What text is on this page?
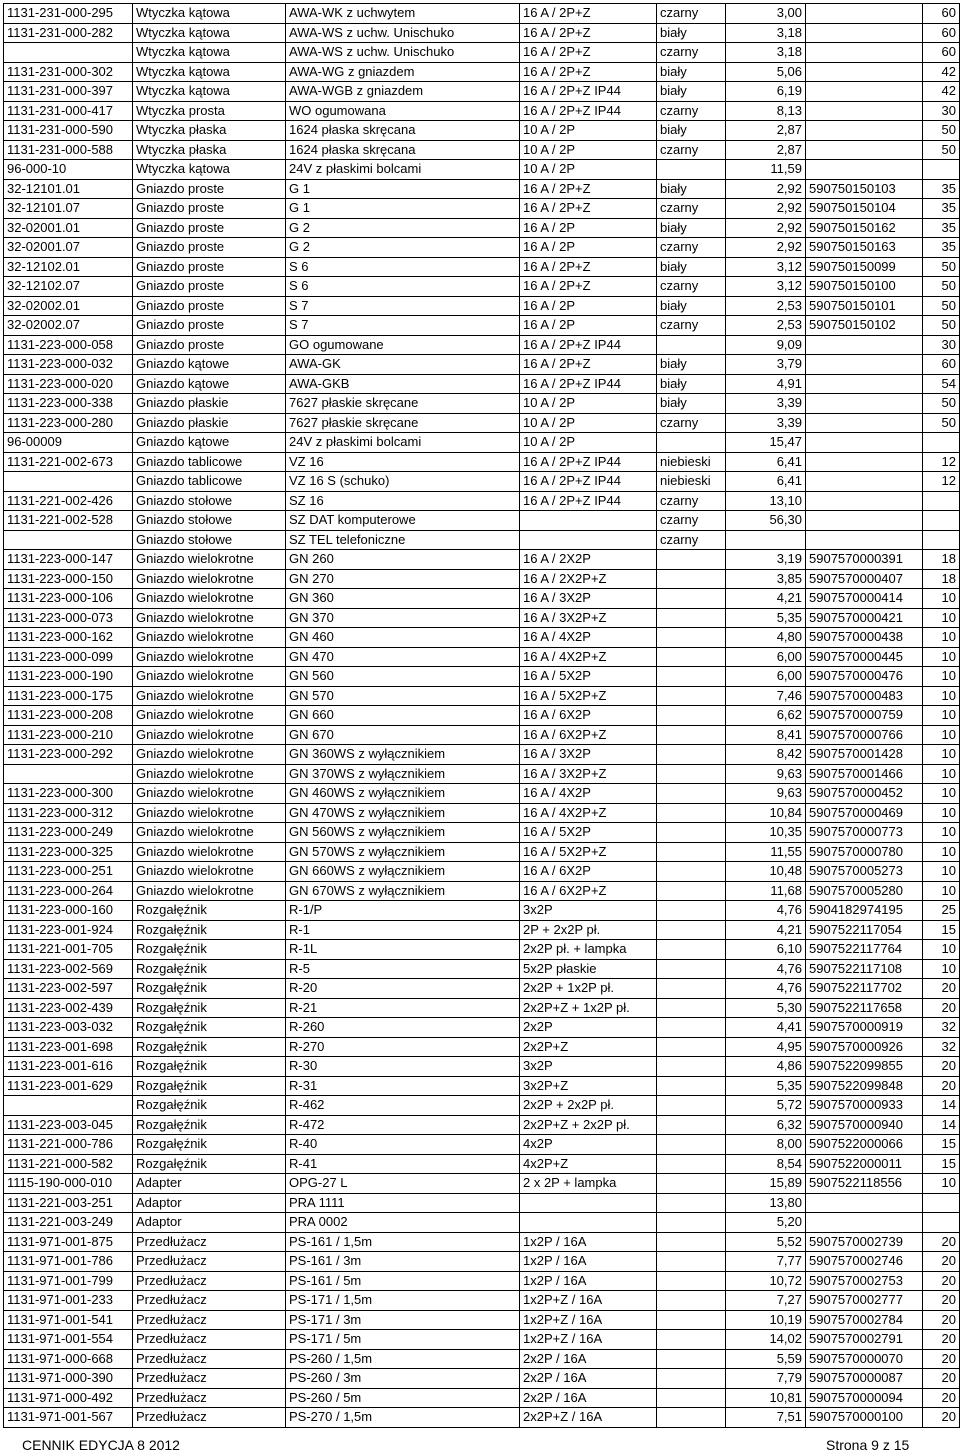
1131-231-000-295	Wtyczka kątowa	AWA-WK z uchwytem	16 A / 2P+Z	czarny	3,00		60
1131-231-000-282	Wtyczka kątowa	AWA-WS z uchw. Unischuko	16 A / 2P+Z	biały	3,18		60
	Wtyczka kątowa	AWA-WS z uchw. Unischuko	16 A / 2P+Z	czarny	3,18		60
1131-231-000-302	Wtyczka kątowa	AWA-WG z gniazdem	16 A / 2P+Z	biały	5,06		42
1131-231-000-397	Wtyczka kątowa	AWA-WGB z gniazdem	16 A / 2P+Z IP44	biały	6,19		42
1131-231-000-417	Wtyczka prosta	WO ogumowana	16 A / 2P+Z IP44	czarny	8,13		30
1131-231-000-590	Wtyczka płaska	1624 płaska skręcana	10 A / 2P	biały	2,87		50
1131-231-000-588	Wtyczka płaska	1624 płaska skręcana	10 A / 2P	czarny	2,87		50
96-000-10	Wtyczka kątowa	24V z płaskimi bolcami	10 A / 2P		11,59		
32-12101.01	Gniazdo proste	G 1	16 A / 2P+Z	biały	2,92	590750150103	35
32-12101.07	Gniazdo proste	G 1	16 A / 2P+Z	czarny	2,92	590750150104	35
32-02001.01	Gniazdo proste	G 2	16 A / 2P	biały	2,92	590750150162	35
32-02001.07	Gniazdo proste	G 2	16 A / 2P	czarny	2,92	590750150163	35
32-12102.01	Gniazdo proste	S 6	16 A / 2P+Z	biały	3,12	590750150099	50
32-12102.07	Gniazdo proste	S 6	16 A / 2P+Z	czarny	3,12	590750150100	50
32-02002.01	Gniazdo proste	S 7	16 A / 2P	biały	2,53	590750150101	50
32-02002.07	Gniazdo proste	S 7	16 A / 2P	czarny	2,53	590750150102	50
1131-223-000-058	Gniazdo proste	GO ogumowane	16 A / 2P+Z IP44		9,09		30
1131-223-000-032	Gniazdo kątowe	AWA-GK	16 A / 2P+Z	biały	3,79		60
1131-223-000-020	Gniazdo kątowe	AWA-GKB	16 A / 2P+Z IP44	biały	4,91		54
1131-223-000-338	Gniazdo płaskie	7627 płaskie skręcane	10 A / 2P	biały	3,39		50
1131-223-000-280	Gniazdo płaskie	7627 płaskie skręcane	10 A / 2P	czarny	3,39		50
96-00009	Gniazdo kątowe	24V z płaskimi bolcami	10 A / 2P		15,47		
1131-221-002-673	Gniazdo tablicowe	VZ 16	16 A / 2P+Z IP44	niebieski	6,41		12
	Gniazdo tablicowe	VZ 16 S (schuko)	16 A / 2P+Z IP44	niebieski	6,41		12
1131-221-002-426	Gniazdo stołowe	SZ 16	16 A / 2P+Z IP44	czarny	13,10		
1131-221-002-528	Gniazdo stołowe	SZ DAT komputerowe		czarny	56,30		
	Gniazdo stołowe	SZ TEL telefoniczne		czarny			
1131-223-000-147	Gniazdo wielokrotne	GN 260	16 A / 2X2P		3,19	5907570000391	18
1131-223-000-150	Gniazdo wielokrotne	GN 270	16 A / 2X2P+Z		3,85	5907570000407	18
1131-223-000-106	Gniazdo wielokrotne	GN 360	16 A / 3X2P		4,21	5907570000414	10
1131-223-000-073	Gniazdo wielokrotne	GN 370	16 A / 3X2P+Z		5,35	5907570000421	10
1131-223-000-162	Gniazdo wielokrotne	GN 460	16 A / 4X2P		4,80	5907570000438	10
1131-223-000-099	Gniazdo wielokrotne	GN 470	16 A / 4X2P+Z		6,00	5907570000445	10
1131-223-000-190	Gniazdo wielokrotne	GN 560	16 A / 5X2P		6,00	5907570000476	10
1131-223-000-175	Gniazdo wielokrotne	GN 570	16 A / 5X2P+Z		7,46	5907570000483	10
1131-223-000-208	Gniazdo wielokrotne	GN 660	16 A / 6X2P		6,62	5907570000759	10
1131-223-000-210	Gniazdo wielokrotne	GN 670	16 A / 6X2P+Z		8,41	5907570000766	10
1131-223-000-292	Gniazdo wielokrotne	GN 360WS z wyłącznikiem	16 A / 3X2P		8,42	5907570001428	10
	Gniazdo wielokrotne	GN 370WS z wyłącznikiem	16 A / 3X2P+Z		9,63	5907570001466	10
1131-223-000-300	Gniazdo wielokrotne	GN 460WS z wyłącznikiem	16 A / 4X2P		9,63	5907570000452	10
1131-223-000-312	Gniazdo wielokrotne	GN 470WS z wyłącznikiem	16 A / 4X2P+Z		10,84	5907570000469	10
1131-223-000-249	Gniazdo wielokrotne	GN 560WS z wyłącznikiem	16 A / 5X2P		10,35	5907570000773	10
1131-223-000-325	Gniazdo wielokrotne	GN 570WS z wyłącznikiem	16 A / 5X2P+Z		11,55	5907570000780	10
1131-223-000-251	Gniazdo wielokrotne	GN 660WS z wyłącznikiem	16 A / 6X2P		10,48	5907570005273	10
1131-223-000-264	Gniazdo wielokrotne	GN 670WS z wyłącznikiem	16 A / 6X2P+Z		11,68	5907570005280	10
1131-223-000-160	Rozgałęźnik	R-1/P	3x2P		4,76	5904182974195	25
1131-223-001-924	Rozgałęźnik	R-1	2P + 2x2P pł.		4,21	5907522117054	15
1131-221-001-705	Rozgałęźnik	R-1L	2x2P pł. + lampka		6,10	5907522117764	10
1131-223-002-569	Rozgałęźnik	R-5	5x2P płaskie		4,76	5907522117108	10
1131-223-002-597	Rozgałęźnik	R-20	2x2P + 1x2P pł.		4,76	5907522117702	20
1131-223-002-439	Rozgałęźnik	R-21	2x2P+Z + 1x2P pł.		5,30	5907522117658	20
1131-223-003-032	Rozgałęźnik	R-260	2x2P		4,41	5907570000919	32
1131-223-001-698	Rozgałęźnik	R-270	2x2P+Z		4,95	5907570000926	32
1131-223-001-616	Rozgałęźnik	R-30	3x2P		4,86	5907522099855	20
1131-223-001-629	Rozgałęźnik	R-31	3x2P+Z		5,35	5907522099848	20
	Rozgałęźnik	R-462	2x2P + 2x2P pł.		5,72	5907570000933	14
1131-223-003-045	Rozgałęźnik	R-472	2x2P+Z + 2x2P pł.		6,32	5907570000940	14
1131-221-000-786	Rozgałęźnik	R-40	4x2P		8,00	5907522000066	15
1131-221-000-582	Rozgałęźnik	R-41	4x2P+Z		8,54	5907522000011	15
1115-190-000-010	Adapter	OPG-27 L	2 x 2P + lampka		15,89	5907522118556	10
1131-221-003-251	Adaptor	PRA 1111			13,80		
1131-221-003-249	Adaptor	PRA 0002			5,20		
1131-971-001-875	Przedłużacz	PS-161 / 1,5m	1x2P / 16A		5,52	5907570002739	20
1131-971-001-786	Przedłużacz	PS-161 / 3m	1x2P / 16A		7,77	5907570002746	20
1131-971-001-799	Przedłużacz	PS-161 / 5m	1x2P / 16A		10,72	5907570002753	20
1131-971-001-233	Przedłużacz	PS-171 / 1,5m	1x2P+Z / 16A		7,27	5907570002777	20
1131-971-001-541	Przedłużacz	PS-171 / 3m	1x2P+Z / 16A		10,19	5907570002784	20
1131-971-001-554	Przedłużacz	PS-171 / 5m	1x2P+Z / 16A		14,02	5907570002791	20
1131-971-000-668	Przedłużacz	PS-260 / 1,5m	2x2P / 16A		5,59	5907570000070	20
1131-971-000-390	Przedłużacz	PS-260 / 3m	2x2P / 16A		7,79	5907570000087	20
1131-971-000-492	Przedłużacz	PS-260 / 5m	2x2P / 16A		10,81	5907570000094	20
1131-971-001-567	Przedłużacz	PS-270 / 1,5m	2x2P+Z / 16A		7,51	5907570000100	20
CENNIK EDYCJA 8 2012	Strona 9 z 15
